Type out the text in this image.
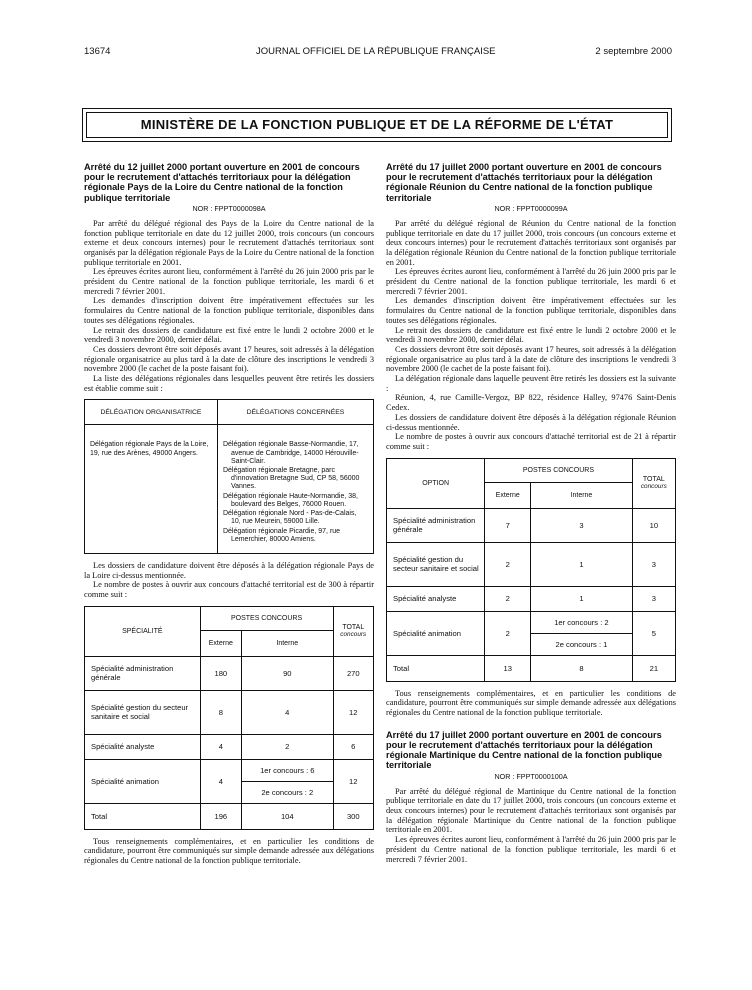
13674	JOURNAL OFFICIEL DE LA RÉPUBLIQUE FRANÇAISE	2 septembre 2000
MINISTÈRE DE LA FONCTION PUBLIQUE ET DE LA RÉFORME DE L'ÉTAT

Arrêté du 12 juillet 2000 portant ouverture en 2001 de concours pour le recrutement d'attachés territoriaux pour la délégation régionale Pays de la Loire du Centre national de la fonction publique territoriale

NOR : FPPT0000098A

Par arrêté du délégué régional des Pays de la Loire du Centre national de la fonction publique territoriale en date du 12 juillet 2000, trois concours (un concours externe et deux concours internes) pour le recrutement d'attachés territoriaux sont organisés par la délégation régionale Pays de la Loire du Centre national de la fonction publique territoriale en 2001.

Les épreuves écrites auront lieu, conformément à l'arrêté du 26 juin 2000 pris par le président du Centre national de la fonction publique territoriale, les mardi 6 et mercredi 7 février 2001.

Les demandes d'inscription doivent être impérativement effectuées sur les formulaires du Centre national de la fonction publique territoriale, disponibles dans toutes ses délégations régionales.

Le retrait des dossiers de candidature est fixé entre le lundi 2 octobre 2000 et le vendredi 3 novembre 2000, dernier délai.

Ces dossiers devront être soit déposés avant 17 heures, soit adressés à la délégation régionale organisatrice au plus tard à la date de clôture des inscriptions le vendredi 3 novembre 2000 (le cachet de la poste faisant foi).

La liste des délégations régionales dans lesquelles peuvent être retirés les dossiers est établie comme suit :

DÉLÉGATION ORGANISATRICE	DÉLÉGATIONS CONCERNÉES

Délégation régionale Pays de la Loire, 19, rue des Arènes, 49000 Angers.	Délégation régionale Basse-Normandie, 17, avenue de Cambridge, 14000 Hérouville-Saint-Clair.
Délégation régionale Bretagne, parc d'innovation Bretagne Sud, CP 58, 56000 Vannes.
Délégation régionale Haute-Normandie, 38, boulevard des Belges, 76000 Rouen.
Délégation régionale Nord - Pas-de-Calais, 10, rue Meurein, 59000 Lille.
Délégation régionale Picardie, 97, rue Lemerchier, 80000 Amiens.

Les dossiers de candidature doivent être déposés à la délégation régionale Pays de la Loire ci-dessus mentionnée.

Le nombre de postes à ouvrir aux concours d'attaché territorial est de 300 à répartir comme suit :

SPÉCIALITÉ	POSTES CONCOURS		TOTAL
concours
	Externe	Interne	
Spécialité administration générale	180	90	270
Spécialité gestion du secteur sanitaire et social	8	4	12
Spécialité analyste	4	2	6
Spécialité animation	4	1er concours : 6	12
		2e concours : 2	
Total	196	104	300

Tous renseignements complémentaires, et en particulier les conditions de candidature, pourront être communiqués sur simple demande adressée aux délégations régionales du Centre national de la fonction publique territoriale.

Arrêté du 17 juillet 2000 portant ouverture en 2001 de concours pour le recrutement d'attachés territoriaux pour la délégation régionale Réunion du Centre national de la fonction publique territoriale

NOR : FPPT0000099A

Par arrêté du délégué régional de Réunion du Centre national de la fonction publique territoriale en date du 17 juillet 2000, trois concours (un concours externe et deux concours internes) pour le recrutement d'attachés territoriaux sont organisés par la délégation régionale Réunion du Centre national de la fonction publique territoriale en 2001.

Les épreuves écrites auront lieu, conformément à l'arrêté du 26 juin 2000 pris par le président du Centre national de la fonction publique territoriale, les mardi 6 et mercredi 7 février 2001.

Les demandes d'inscription doivent être impérativement effectuées sur les formulaires du Centre national de la fonction publique territoriale, disponibles dans toutes ses délégations régionales.

Le retrait des dossiers de candidature est fixé entre le lundi 2 octobre 2000 et le vendredi 3 novembre 2000, dernier délai.

Ces dossiers devront être soit déposés avant 17 heures, soit adressés à la délégation régionale organisatrice au plus tard à la date de clôture des inscriptions le vendredi 3 novembre 2000 (le cachet de la poste faisant foi).

La délégation régionale dans laquelle peuvent être retirés les dossiers est la suivante :

Réunion, 4, rue Camille-Vergoz, BP 822, résidence Halley, 97476 Saint-Denis Cedex.

Les dossiers de candidature doivent être déposés à la délégation régionale Réunion ci-dessus mentionnée.

Le nombre de postes à ouvrir aux concours d'attaché territorial est de 21 à répartir comme suit :

OPTION	POSTES CONCOURS		TOTAL
concours
	Externe	Interne	
Spécialité administration générale	7	3	10
Spécialité gestion du secteur sanitaire et social	2	1	3
Spécialité analyste	2	1	3
Spécialité animation	2	1er concours : 2	5
		2e concours : 1	
Total	13	8	21

Tous renseignements complémentaires, et en particulier les conditions de candidature, pourront être communiqués sur simple demande adressée aux délégations régionales du Centre national de la fonction publique territoriale.

Arrêté du 17 juillet 2000 portant ouverture en 2001 de concours pour le recrutement d'attachés territoriaux pour la délégation régionale Martinique du Centre national de la fonction publique territoriale

NOR : FPPT0000100A

Par arrêté du délégué régional de Martinique du Centre national de la fonction publique territoriale en date du 17 juillet 2000, trois concours (un concours externe et deux concours internes) pour le recrutement d'attachés territoriaux sont organisés par la délégation régionale Martinique du Centre national de la fonction publique territoriale en 2001.

Les épreuves écrites auront lieu, conformément à l'arrêté du 26 juin 2000 pris par le président du Centre national de la fonction publique territoriale, les mardi 6 et mercredi 7 février 2001.
